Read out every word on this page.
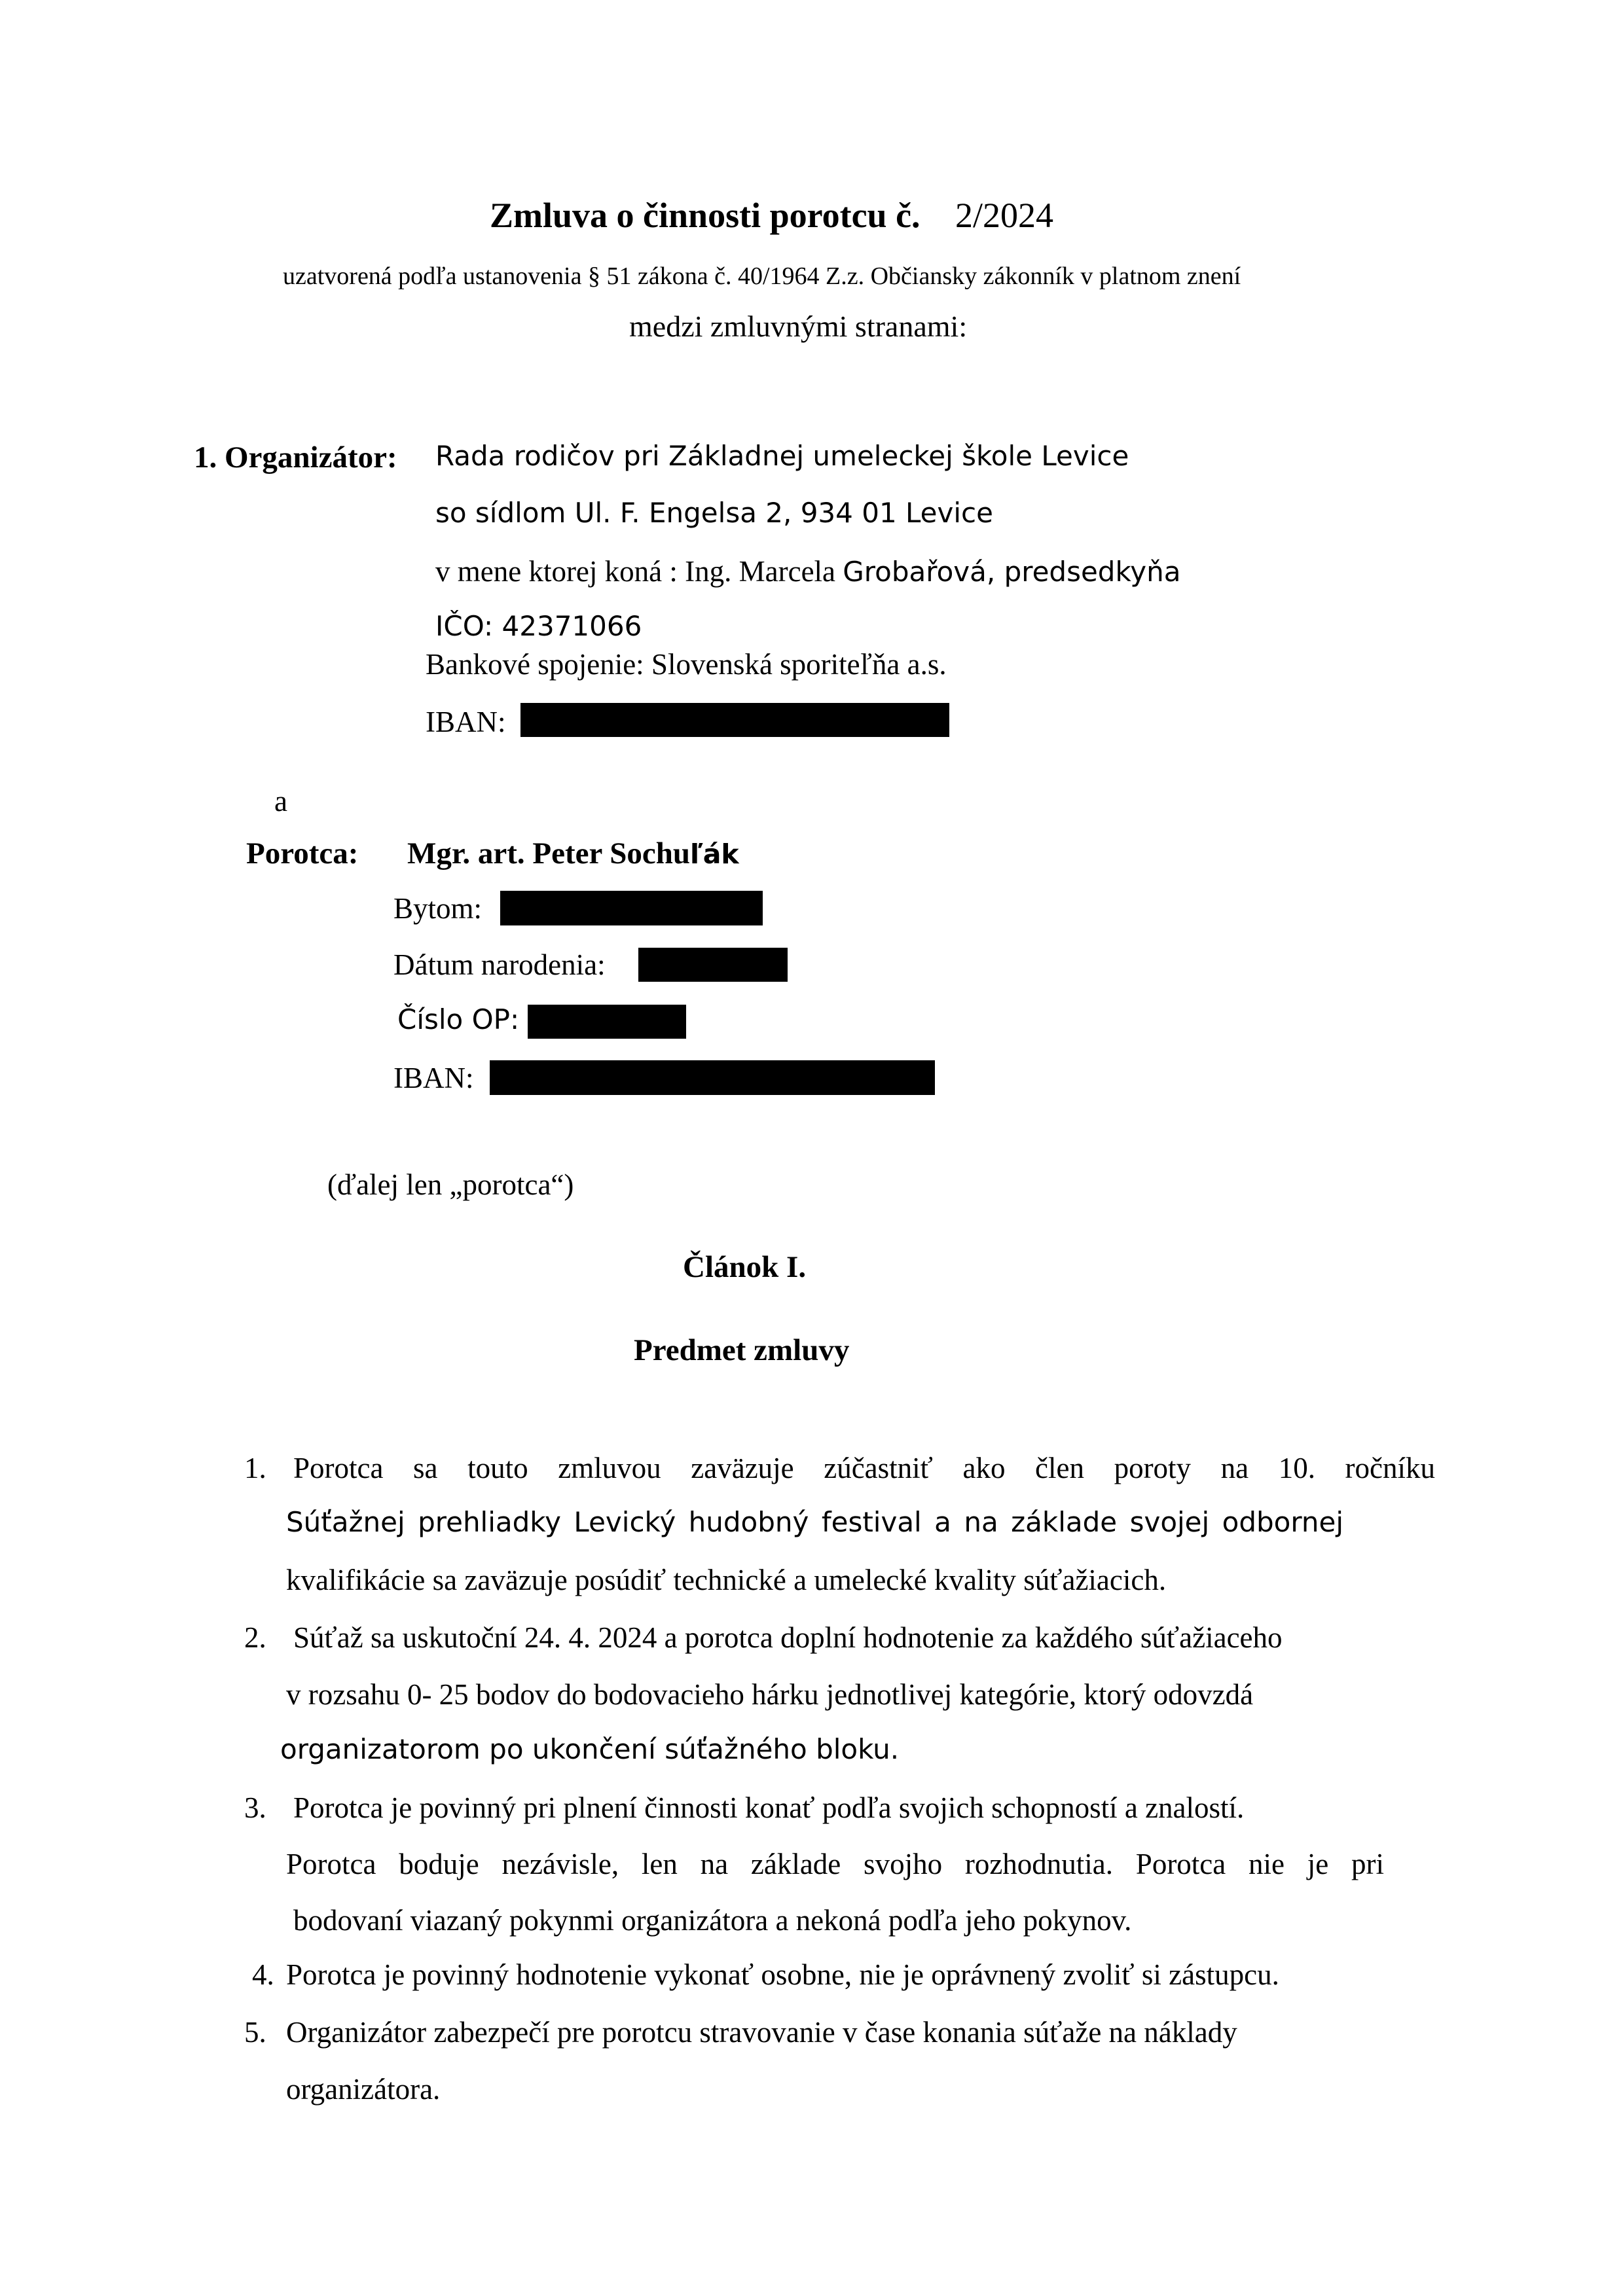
Zmluva o činnosti porotcu č. 2/2024
uzatvorená podľa ustanovenia § 51 zákona č. 40/1964 Z.z. Občiansky zákonník v platnom znení
medzi zmluvnými stranami:
1. Organizátor: Rada rodičov pri Základnej umeleckej škole Levice
so sídlom Ul. F. Engelsa 2, 934 01 Levice
v mene ktorej koná : Ing. Marcela Grobařová, predsedkyňa
IČO: 42371066
Bankové spojenie: Slovenská sporiteľňa a.s.
IBAN:
a
Porotca: Mgr. art. Peter Sochuľák
Bytom:
Dátum narodenia:
Číslo OP:
IBAN:
(ďalej len „porotca“)
Článok I.
Predmet zmluvy
1. Porotca sa touto zmluvou zaväzuje zúčastniť ako člen poroty na 10. ročníku
Súťažnej prehliadky Levický hudobný festival a na základe svojej odbornej
kvalifikácie sa zaväzuje posúdiť technické a umelecké kvality súťažiacich.
2. Súťaž sa uskutoční 24. 4. 2024 a porotca doplní hodnotenie za každého súťažiaceho
v rozsahu 0- 25 bodov do bodovacieho hárku jednotlivej kategórie, ktorý odovzdá
organizatorom po ukončení súťažného bloku.
3. Porotca je povinný pri plnení činnosti konať podľa svojich schopností a znalostí.
Porotca boduje nezávisle, len na základe svojho rozhodnutia. Porotca nie je pri
bodovaní viazaný pokynmi organizátora a nekoná podľa jeho pokynov.
4. Porotca je povinný hodnotenie vykonať osobne, nie je oprávnený zvoliť si zástupcu.
5. Organizátor zabezpečí pre porotcu stravovanie v čase konania súťaže na náklady
organizátora.
